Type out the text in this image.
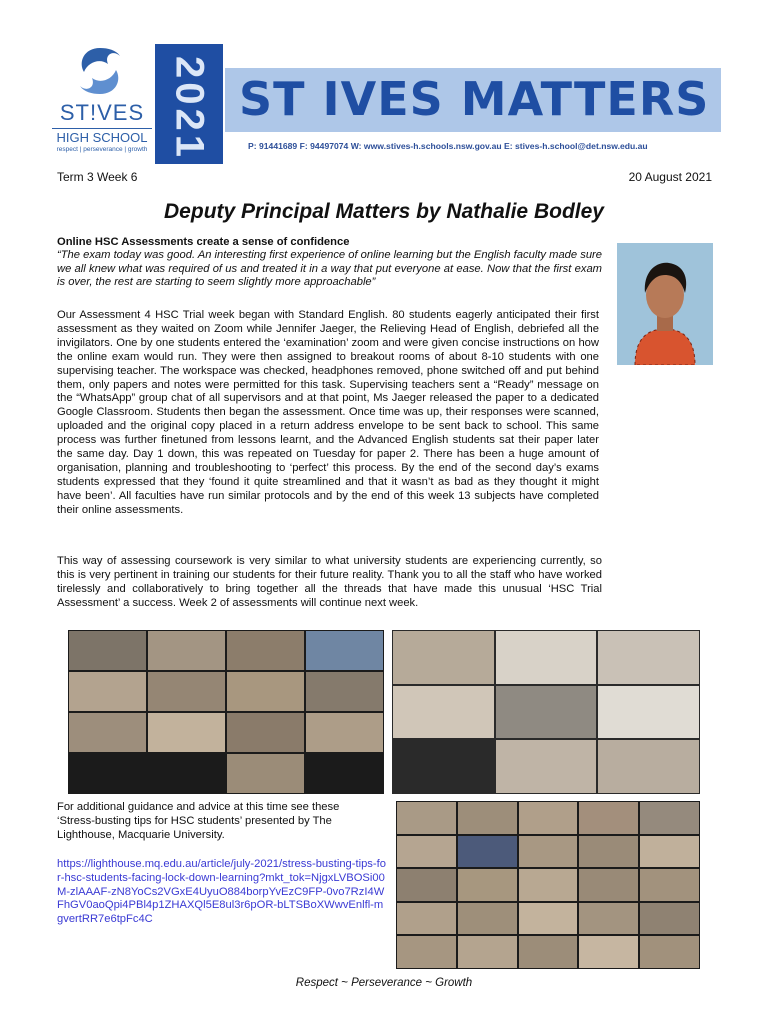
ST!VES
HIGH SCHOOL
respect | perseverance | growth 2021 ST IVES MATTERS
P: 91441689 F: 94497074 W: www.stives-h.schools.nsw.gov.au E: stives-h.school@det.nsw.edu.au
Term 3 Week 6	20 August 2021
Deputy Principal Matters by Nathalie Bodley
Online HSC Assessments create a sense of confidence
“The exam today was good. An interesting first experience of online learning but the English faculty made sure we all knew what was required of us and treated it in a way that put everyone at ease. Now that the first exam is over, the rest are starting to seem slightly more approachable”
Our Assessment 4 HSC Trial week began with Standard English. 80 students eagerly anticipated their first assessment as they waited on Zoom while Jennifer Jaeger, the Relieving Head of English, debriefed all the invigilators. One by one students entered the ‘examination’ zoom and were given concise instructions on how the online exam would run. They were then assigned to breakout rooms of about 8-10 students with one supervising teacher. The workspace was checked, headphones removed, phone switched off and put behind them, only papers and notes were permitted for this task. Supervising teachers sent a “Ready” message on the “WhatsApp” group chat of all supervisors and at that point, Ms Jaeger released the paper to a dedicated Google Classroom. Students then began the assessment. Once time was up, their responses were scanned, uploaded and the original copy placed in a return address envelope to be sent back to school. This same process was further finetuned from lessons learnt, and the Advanced English students sat their paper later the same day. Day 1 down, this was repeated on Tuesday for paper 2. There has been a huge amount of organisation, planning and troubleshooting to ‘perfect’ this process. By the end of the second day’s exams students expressed that they ‘found it quite streamlined and that it wasn’t as bad as they thought it might have been’. All faculties have run similar protocols and by the end of this week 13 subjects have completed their online assessments.
This way of assessing coursework is very similar to what university students are experiencing currently, so this is very pertinent in training our students for their future reality. Thank you to all the staff who have worked tirelessly and collaboratively to bring together all the threads that have made this unusual ‘HSC Trial Assessment’ a success. Week 2 of assessments will continue next week.
For additional guidance and advice at this time see these ‘Stress-busting tips for HSC students’ presented by The Lighthouse, Macquarie University.
https://lighthouse.mq.edu.au/article/july-2021/stress-busting-tips-for-hsc-students-facing-lock-down-learning?mkt_tok=NjgxLVBOSi00M-zlAAAF-zN8YoCs2VGxE4UyuO884borpYvEzC9FP-0vo7RzI4WFhGV0aoQpi4PBl4p1ZHAXQl5E8ul3r6pOR-bLTSBoXWwvEnlfl-mgvertRR7e6tpFc4C
Respect ~ Perseverance ~ Growth
